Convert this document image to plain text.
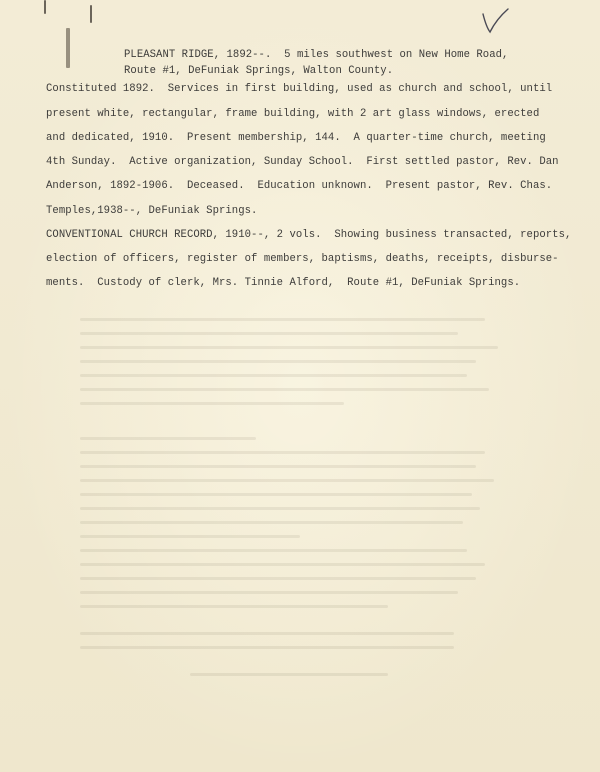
PLEASANT RIDGE, 1892--.  5 miles southwest on New Home Road,
Route #1, DeFuniak Springs, Walton County.
Constituted 1892.  Services in first building, used as church and school, until
present white, rectangular, frame building, with 2 art glass windows, erected
and dedicated, 1910.  Present membership, 144.  A quarter-time church, meeting
4th Sunday.  Active organization, Sunday School.  First settled pastor, Rev. Dan
Anderson, 1892-1906.  Deceased.  Education unknown.  Present pastor, Rev. Chas.
Temples,1938--, DeFuniak Springs.
CONVENTIONAL CHURCH RECORD, 1910--, 2 vols.  Showing business transacted, reports,
election of officers, register of members, baptisms, deaths, receipts, disburse-
ments.  Custody of clerk, Mrs. Tinnie Alford,  Route #1, DeFuniak Springs.
